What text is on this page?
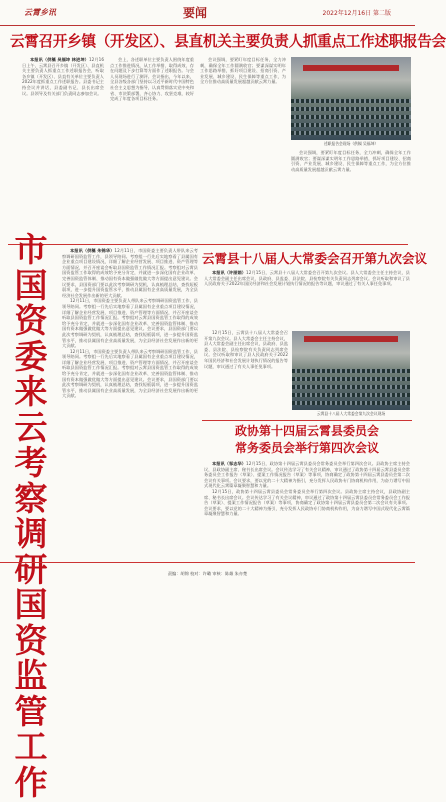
云霄乡讯	要闻	2022年12月16日 第二版
云霄召开乡镇（开发区）、县直机关主要负责人抓重点工作述职报告会

本报讯（供稿 吴福坤 林进坤）12月16日上午，云霄县召开乡镇（开发区）、县直机关主要负责人抓重点工作述职报告会，听取各乡镇（开发区）、县直有关单位主要负责人2022年度抓重点工作述职报告。县委书记主持会议并讲话，县委副书记、县长出席会议。县领导及有关部门负责同志参加会议。

会上，各述职单位主要负责人围绕年度重点工作推进情况，从工作举措、取得成效、存在问题及下步打算等方面作了述职报告。与会人员现场进行了测评。会议指出，今年以来，全县各级各部门坚持以习近平新时代中国特色社会主义思想为指导，认真贯彻落实党中央和省、市决策部署，齐心协力、攻坚克难，较好完成了年度各项目标任务。

会议强调，要紧盯年度目标任务，全力冲刺，确保全年工作圆满收官；要谋深谋实明年工作思路举措，抓好项目建设、招商引资、产业发展、城乡建设、民生保障等重点工作，为全方位推动高质量发展超越贡献云霄力量。

述职报告会现场（供稿 吴福坤）

会议强调，要紧盯年度目标任务，全力冲刺，确保全年工作圆满收官；要谋深谋实明年工作思路举措，抓好项目建设、招商引资、产业发展、城乡建设、民生保障等重点工作，为全方位推动高质量发展超越贡献云霄力量。

市国资委来云考察调研国资监管工作

本报讯（供稿 朱锦华）12月11日，市国资委主要负责人带队来云考察调研国资监管工作，县领导陪同。考察组一行先后实地察看了县属国有企业重点项目建设情况，详细了解企业经营发展、项目推进、资产管理等方面情况，并召开座谈会听取县国资监管工作情况汇报。考察组对云霄县国资监管工作取得的成效给予充分肯定，并就进一步深化国有企业改革、完善国资监管体制、推动国有资本做强做优做大等方面提出意见建议。会议要求，县国资部门要以此次考察调研为契机，认真梳理总结，查找短板弱项，进一步提升国资监管水平，推动县属国有企业高质量发展，为全县经济社会发展作出新的更大贡献。

12月11日，市国资委主要负责人带队来云考察调研国资监管工作，县领导陪同。考察组一行先后实地察看了县属国有企业重点项目建设情况，详细了解企业经营发展、项目推进、资产管理等方面情况，并召开座谈会听取县国资监管工作情况汇报。考察组对云霄县国资监管工作取得的成效给予充分肯定，并就进一步深化国有企业改革、完善国资监管体制、推动国有资本做强做优做大等方面提出意见建议。会议要求，县国资部门要以此次考察调研为契机，认真梳理总结，查找短板弱项，进一步提升国资监管水平，推动县属国有企业高质量发展，为全县经济社会发展作出新的更大贡献。

12月11日，市国资委主要负责人带队来云考察调研国资监管工作，县领导陪同。考察组一行先后实地察看了县属国有企业重点项目建设情况，详细了解企业经营发展、项目推进、资产管理等方面情况，并召开座谈会听取县国资监管工作情况汇报。考察组对云霄县国资监管工作取得的成效给予充分肯定，并就进一步深化国有企业改革、完善国资监管体制、推动国有资本做强做优做大等方面提出意见建议。会议要求，县国资部门要以此次考察调研为契机，认真梳理总结，查找短板弱项，进一步提升国资监管水平，推动县属国有企业高质量发展，为全县经济社会发展作出新的更大贡献。

云霄县十八届人大常委会召开第九次会议

本报讯（许丽娟）12月15日，云霄县十八届人大常委会召开第九次会议。县人大常委会主任主持会议，县人大常委会副主任出席会议，县政府、县监委、县法院、县检察院有关负责同志列席会议。会议听取和审议了县人民政府关于2022年国民经济和社会发展计划执行情况的报告等议题，审议通过了有关人事任免事项。

12月15日，云霄县十八届人大常委会召开第九次会议。县人大常委会主任主持会议，县人大常委会副主任出席会议，县政府、县监委、县法院、县检察院有关负责同志列席会议。会议听取和审议了县人民政府关于2022年国民经济和社会发展计划执行情况的报告等议题，审议通过了有关人事任免事项。

云霄县十八届人大常委会第九次会议现场
政协第十四届云霄县委员会
常务委员会举行第四次会议

本报讯（邹志华）12月15日，政协第十四届云霄县委员会常务委员会举行第四次会议。县政协主席主持会议，县政协副主席、秘书长出席会议。会议传达学习了有关会议精神，审议通过了政协第十四届云霄县委员会常务委员会工作报告（草案）、提案工作情况报告（草案）等事项，协商确定了政协第十四届云霄县委员会第二次会议有关事项。会议要求，要以党的二十大精神为指引，充分发挥人民政协专门协商机构作用，为奋力谱写中国式现代化云霄篇章凝聚智慧和力量。

12月15日，政协第十四届云霄县委员会常务委员会举行第四次会议。县政协主席主持会议，县政协副主席、秘书长出席会议。会议传达学习了有关会议精神，审议通过了政协第十四届云霄县委员会常务委员会工作报告（草案）、提案工作情况报告（草案）等事项，协商确定了政协第十四届云霄县委员会第二次会议有关事项。会议要求，要以党的二十大精神为指引，充分发挥人民政协专门协商机构作用，为奋力谱写中国式现代化云霄篇章凝聚智慧和力量。

责编：胡锦 校对：许璐 审核：陈雄 朱亦楚
